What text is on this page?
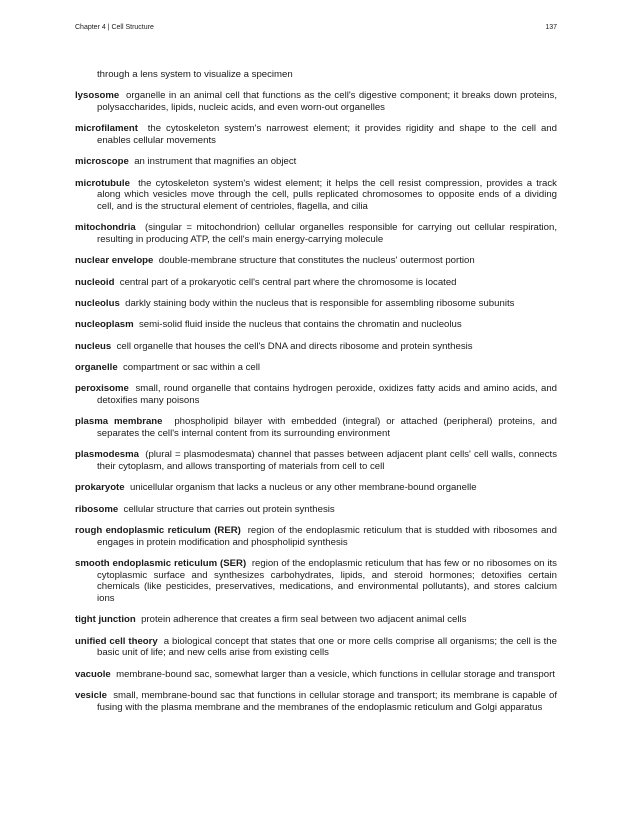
Chapter 4 | Cell Structure	137

through a lens system to visualize a specimen

lysosome organelle in an animal cell that functions as the cell's digestive component; it breaks down proteins, polysaccharides, lipids, nucleic acids, and even worn-out organelles

microfilament the cytoskeleton system's narrowest element; it provides rigidity and shape to the cell and enables cellular movements

microscope an instrument that magnifies an object

microtubule the cytoskeleton system's widest element; it helps the cell resist compression, provides a track along which vesicles move through the cell, pulls replicated chromosomes to opposite ends of a dividing cell, and is the structural element of centrioles, flagella, and cilia

mitochondria (singular = mitochondrion) cellular organelles responsible for carrying out cellular respiration, resulting in producing ATP, the cell's main energy-carrying molecule

nuclear envelope double-membrane structure that constitutes the nucleus' outermost portion

nucleoid central part of a prokaryotic cell's central part where the chromosome is located

nucleolus darkly staining body within the nucleus that is responsible for assembling ribosome subunits

nucleoplasm semi-solid fluid inside the nucleus that contains the chromatin and nucleolus

nucleus cell organelle that houses the cell's DNA and directs ribosome and protein synthesis

organelle compartment or sac within a cell

peroxisome small, round organelle that contains hydrogen peroxide, oxidizes fatty acids and amino acids, and detoxifies many poisons

plasma membrane phospholipid bilayer with embedded (integral) or attached (peripheral) proteins, and separates the cell's internal content from its surrounding environment

plasmodesma (plural = plasmodesmata) channel that passes between adjacent plant cells' cell walls, connects their cytoplasm, and allows transporting of materials from cell to cell

prokaryote unicellular organism that lacks a nucleus or any other membrane-bound organelle

ribosome cellular structure that carries out protein synthesis

rough endoplasmic reticulum (RER) region of the endoplasmic reticulum that is studded with ribosomes and engages in protein modification and phospholipid synthesis

smooth endoplasmic reticulum (SER) region of the endoplasmic reticulum that has few or no ribosomes on its cytoplasmic surface and synthesizes carbohydrates, lipids, and steroid hormones; detoxifies certain chemicals (like pesticides, preservatives, medications, and environmental pollutants), and stores calcium ions

tight junction protein adherence that creates a firm seal between two adjacent animal cells

unified cell theory a biological concept that states that one or more cells comprise all organisms; the cell is the basic unit of life; and new cells arise from existing cells

vacuole membrane-bound sac, somewhat larger than a vesicle, which functions in cellular storage and transport

vesicle small, membrane-bound sac that functions in cellular storage and transport; its membrane is capable of fusing with the plasma membrane and the membranes of the endoplasmic reticulum and Golgi apparatus
